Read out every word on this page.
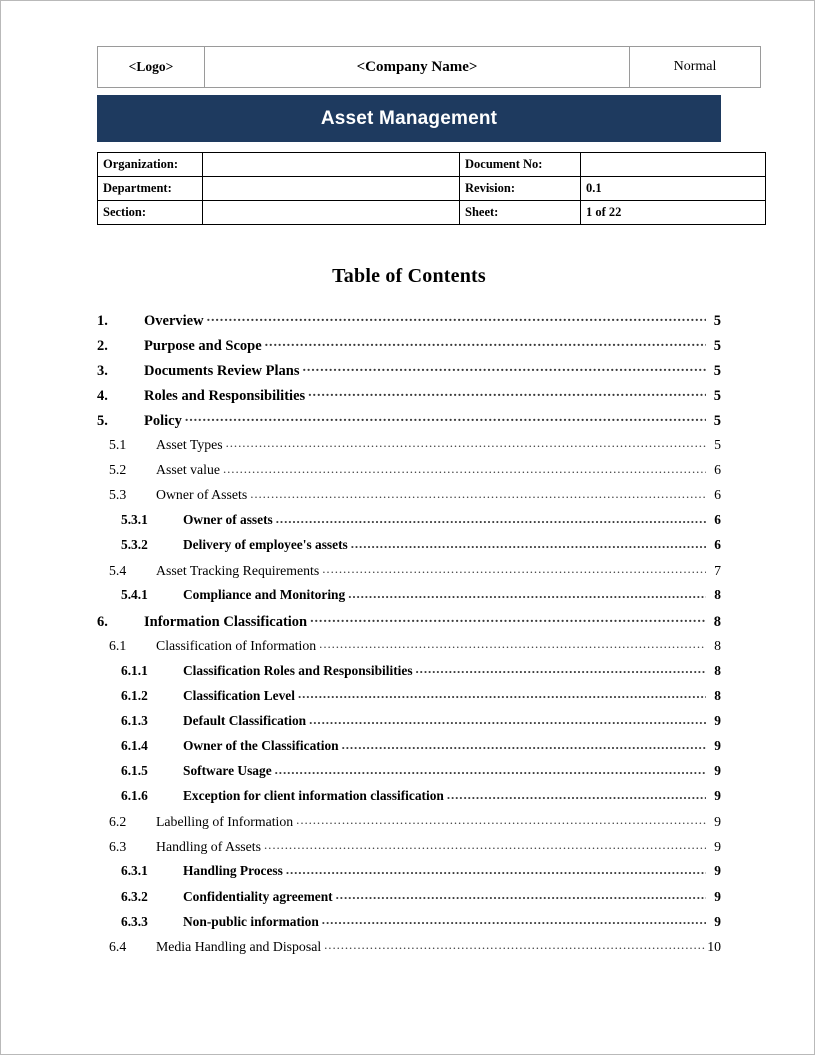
<Logo>	<Company Name>	Normal
Asset Management
Organization:		Document No:	
Department:		Revision:	0.1
Section:		Sheet:	1 of 22
Table of Contents
1.	Overview .....	5
2.	Purpose and Scope .....	5
3.	Documents Review Plans .....	5
4.	Roles and Responsibilities .....	5
5.	Policy .....	5
5.1	Asset Types .....	5
5.2	Asset value .....	6
5.3	Owner of Assets .....	6
5.3.1	Owner of assets .....	6
5.3.2	Delivery of employee's assets .....	6
5.4	Asset Tracking Requirements .....	7
5.4.1	Compliance and Monitoring .....	8
6.	Information Classification .....	8
6.1	Classification of Information .....	8
6.1.1	Classification Roles and Responsibilities .....	8
6.1.2	Classification Level .....	8
6.1.3	Default Classification .....	9
6.1.4	Owner of the Classification .....	9
6.1.5	Software Usage .....	9
6.1.6	Exception for client information classification .....	9
6.2	Labelling of Information .....	9
6.3	Handling of Assets .....	9
6.3.1	Handling Process .....	9
6.3.2	Confidentiality agreement .....	9
6.3.3	Non-public information .....	9
6.4	Media Handling and Disposal .....	10
